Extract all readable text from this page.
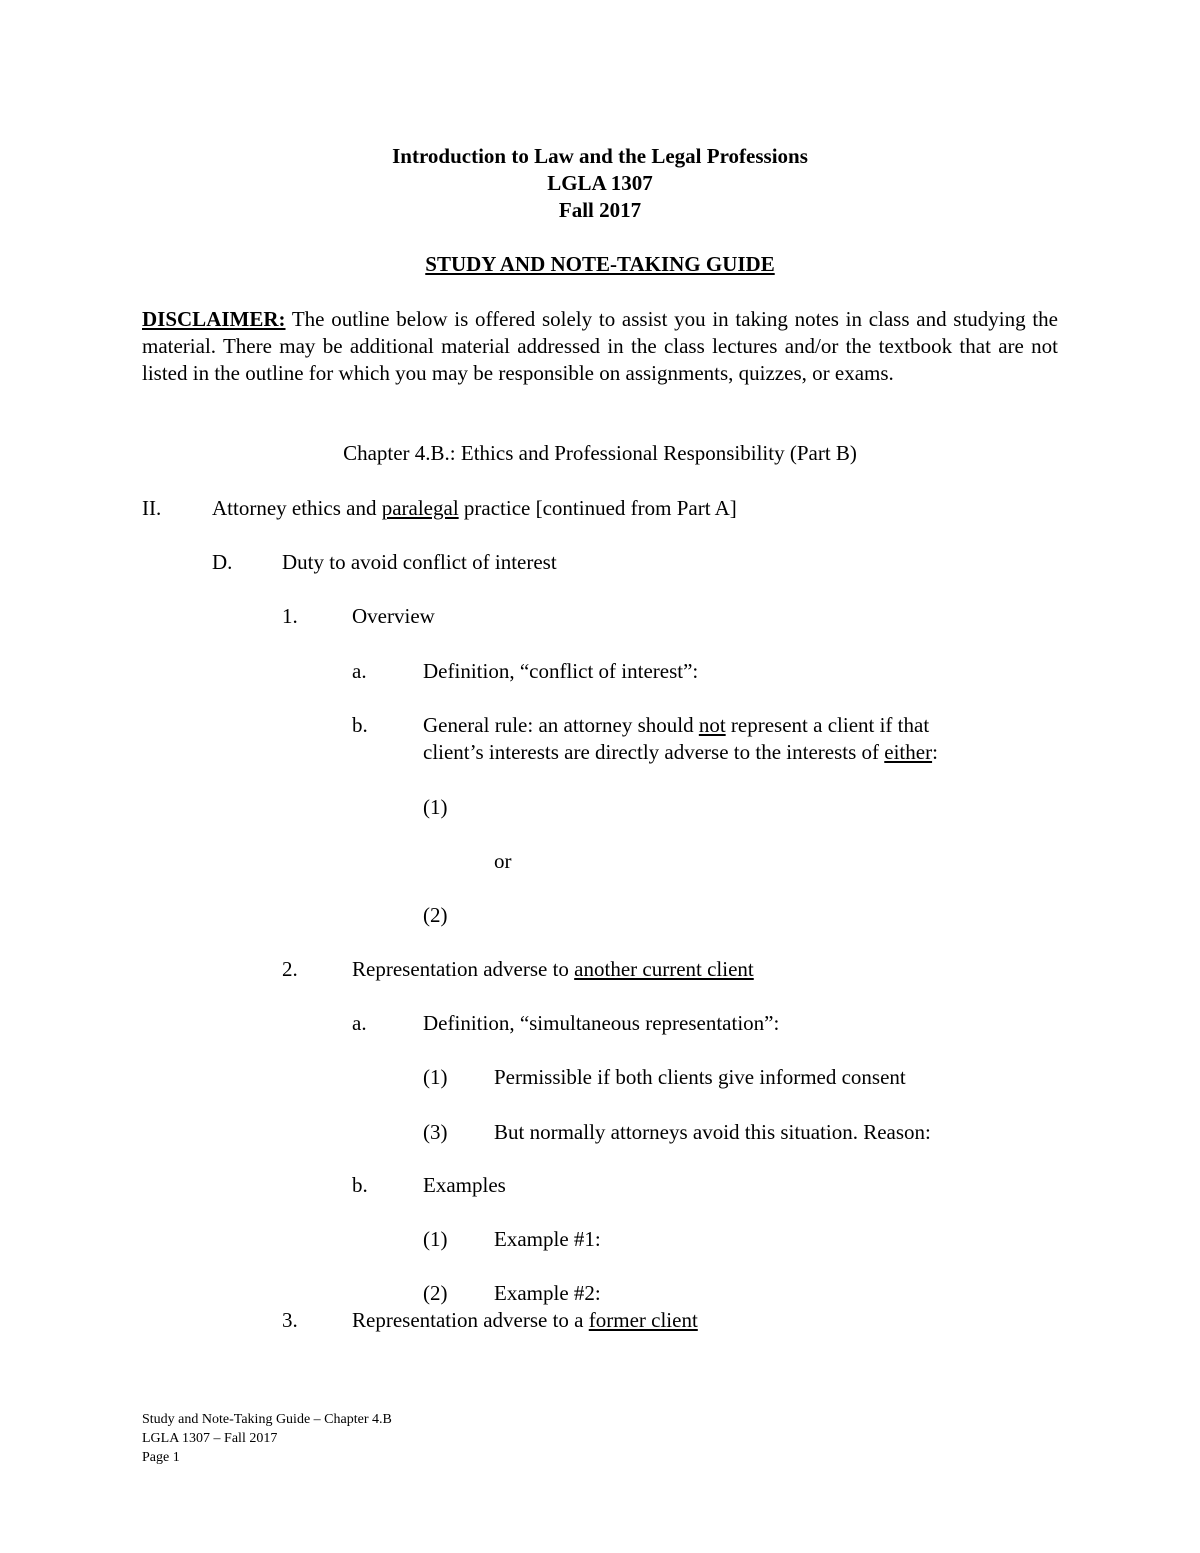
Introduction to Law and the Legal Professions
LGLA 1307
Fall 2017
STUDY AND NOTE-TAKING GUIDE
DISCLAIMER: The outline below is offered solely to assist you in taking notes in class and studying the material. There may be additional material addressed in the class lectures and/or the textbook that are not listed in the outline for which you may be responsible on assignments, quizzes, or exams.
Chapter 4.B.: Ethics and Professional Responsibility (Part B)
II. Attorney ethics and paralegal practice [continued from Part A]
D. Duty to avoid conflict of interest
1.	Overview
a.	Definition, “conflict of interest”:
b.	General rule: an attorney should not represent a client if that
client’s interests are directly adverse to the interests of either:
(1)
or
(2)
2.	Representation adverse to another current client
a.	Definition, “simultaneous representation”:
(1) Permissible if both clients give informed consent
(3) But normally attorneys avoid this situation. Reason:
b.	Examples
(1) Example #1:
(2) Example #2:
3.	Representation adverse to a former client
Study and Note-Taking Guide – Chapter 4.B
LGLA 1307 – Fall 2017
Page 1
